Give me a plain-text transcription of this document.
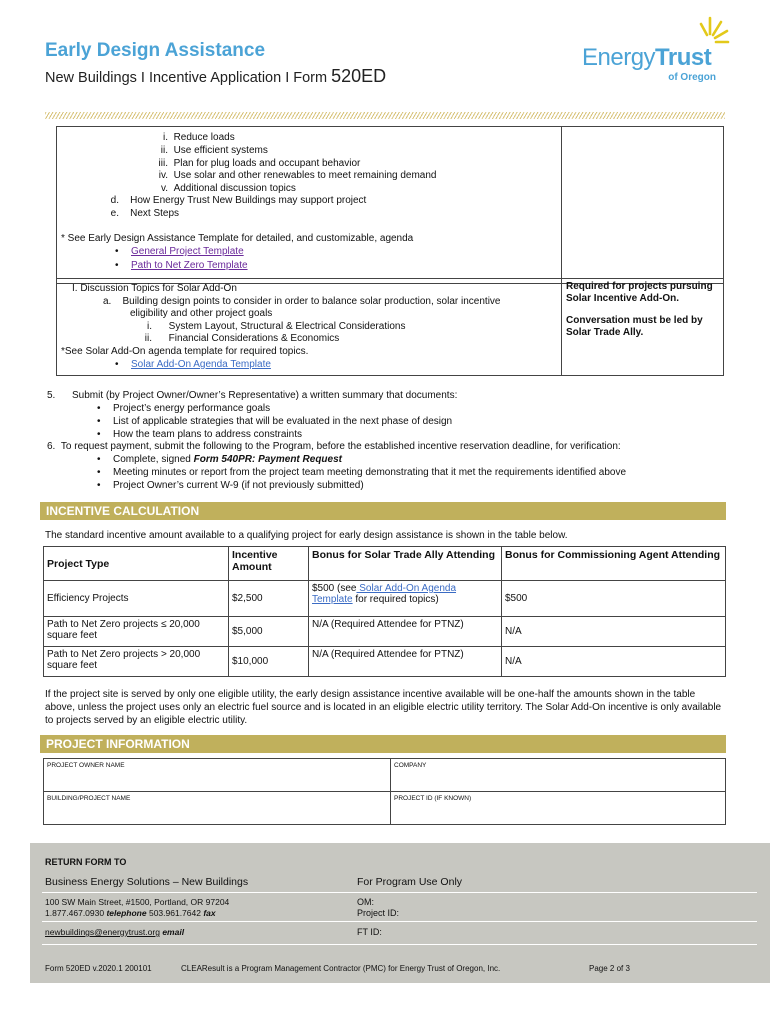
Early Design Assistance
New Buildings I Incentive Application I Form 520ED
EnergyTrust
of Oregon

i. Reduce loads
ii. Use efficient systems
iii. Plan for plug loads and occupant behavior
iv. Use solar and other renewables to meet remaining demand
v. Additional discussion topics
d. How Energy Trust New Buildings may support project
e. Next Steps
* See Early Design Assistance Template for detailed, and customizable, agenda
General Project Template
Path to Net Zero Template

Required for projects pursuing Solar Incentive Add-On.
Conversation must be led by Solar Trade Ally.
I. Discussion Topics for Solar Add-On
a. Building design points to consider in order to balance solar production, solar incentive
eligibility and other project goals
i. System Layout, Structural & Electrical Considerations
ii. Financial Considerations & Economics
*See Solar Add-On agenda template for required topics.
Solar Add-On Agenda Template
5. Submit (by Project Owner/Owner’s Representative) a written summary that documents:
Project’s energy performance goals
List of applicable strategies that will be evaluated in the next phase of design
How the team plans to address constraints
6. To request payment, submit the following to the Program, before the established incentive reservation deadline, for verification:
Complete, signed Form 540PR: Payment Request
Meeting minutes or report from the project team meeting demonstrating that it met the requirements identified above
Project Owner’s current W-9 (if not previously submitted)
INCENTIVE CALCULATION
The standard incentive amount available to a qualifying project for early design assistance is shown in the table below.
Project Type	Incentive Amount	Bonus for Solar Trade Ally Attending	Bonus for Commissioning Agent Attending
Efficiency Projects	$2,500	$500 (see Solar Add-On Agenda Template for required topics)	$500
Path to Net Zero projects ≤ 20,000 square feet	$5,000	N/A (Required Attendee for PTNZ)	N/A
Path to Net Zero projects > 20,000 square feet	$10,000	N/A (Required Attendee for PTNZ)	N/A
If the project site is served by only one eligible utility, the early design assistance incentive available will be one-half the amounts shown in the table above, unless the project uses only an electric fuel source and is located in an eligible electric utility territory. The Solar Add-On incentive is only available to projects served by an eligible electric utility.
PROJECT INFORMATION
PROJECT OWNER NAME	COMPANY
BUILDING/PROJECT NAME	PROJECT ID (IF KNOWN)
RETURN FORM TO
Business Energy Solutions – New Buildings	For Program Use Only
100 SW Main Street, #1500, Portland, OR 97204
1.877.467.0930 telephone 503.961.7642 fax
OM:
Project ID:
newbuildings@energytrust.org email	FT ID:
Form 520ED v.2020.1 200101	CLEAResult is a Program Management Contractor (PMC) for Energy Trust of Oregon, Inc.	Page 2 of 3
